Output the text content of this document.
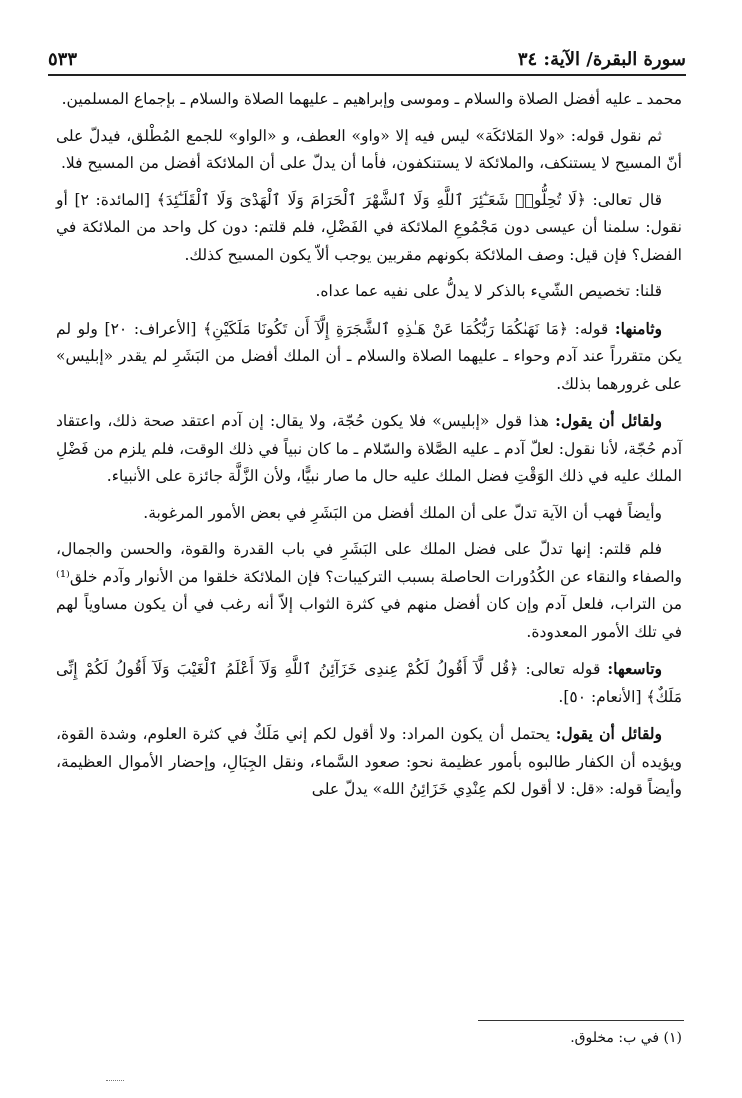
سورة البقرة/ الآية: ٣٤
٥٣٣

محمد ـ عليه أفضل الصلاة والسلام ـ وموسى وإبراهيم ـ عليهما الصلاة والسلام ـ بإجماع المسلمين.

ثم نقول قوله: «ولا المَلائكَة» ليس فيه إلا «واو» العطف، و «الواو» للجمع المُطْلق، فيدلّ على أنّ المسيح لا يستنكف، والملائكة لا يستنكفون، فأما أن يدلّ على أن الملائكة أفضل من المسيح فلا.

قال تعالى: ﴿لَا تُحِلُّوا۟ شَعَـٰٓئِرَ ٱللَّهِ وَلَا ٱلشَّهْرَ ٱلْحَرَامَ وَلَا ٱلْهَدْىَ وَلَا ٱلْقَلَـٰٓئِدَ﴾ [المائدة: ٢] أو نقول: سلمنا أن عيسى دون مَجْمُوعِ الملائكة في الفَضْلِ، فلم قلتم: دون كل واحد من الملائكة في الفضل؟ فإن قيل: وصف الملائكة بكونهم مقربين يوجب ألاّ يكون المسيح كذلك.

قلنا: تخصيص الشّيء بالذكر لا يدلُّ على نفيه عما عداه.

وثامنها: قوله: ﴿مَا نَهَىٰكُمَا رَبُّكُمَا عَنْ هَـٰذِهِ ٱلشَّجَرَةِ إِلَّآ أَن تَكُونَا مَلَكَيْنِ﴾ [الأعراف: ٢٠] ولو لم يكن متقرراً عند آدم وحواء ـ عليهما الصلاة والسلام ـ أن الملك أفضل من البَشَرِ لم يقدر «إبليس» على غرورهما بذلك.

ولقائل أن يقول: هذا قول «إبليس» فلا يكون حُجّة، ولا يقال: إن آدم اعتقد صحة ذلك، واعتقاد آدم حُجّة، لأنا نقول: لعلّ آدم ـ عليه الصَّلاة والسّلام ـ ما كان نبياً في ذلك الوقت، فلم يلزم من فَضْلِ الملك عليه في ذلك الوَقْتِ فضل الملك عليه حال ما صار نبيًّا، ولأن الزَّلَّة جائزة على الأنبياء.

وأيضاً فهب أن الآية تدلّ على أن الملك أفضل من البَشَرِ في بعض الأمور المرغوبة.

فلم قلتم: إنها تدلّ على فضل الملك على البَشَرِ في باب القدرة والقوة، والحسن والجمال، والصفاء والنقاء عن الكُدُورات الحاصلة بسبب التركيبات؟ فإن الملائكة خلقوا من الأنوار وآدم خلق⁽¹⁾ من التراب، فلعل آدم وإن كان أفضل منهم في كثرة الثواب إلاّ أنه رغب في أن يكون مساوياً لهم في تلك الأمور المعدودة.

وتاسعها: قوله تعالى: ﴿قُل لَّآ أَقُولُ لَكُمْ عِندِى خَزَآئِنُ ٱللَّهِ وَلَآ أَعْلَمُ ٱلْغَيْبَ وَلَآ أَقُولُ لَكُمْ إِنِّى مَلَكٌ﴾ [الأنعام: ٥٠].

ولقائل أن يقول: يحتمل أن يكون المراد: ولا أقول لكم إني مَلَكٌ في كثرة العلوم، وشدة القوة، ويؤيده أن الكفار طالبوه بأمور عظيمة نحو: صعود السَّماء، ونقل الجِبَالِ، وإحضار الأموال العظيمة، وأيضاً قوله: «قل: لا أقول لكم عِنْدِي خَزَائِنُ الله» يدلّ على

(١) في ب: مخلوق.
